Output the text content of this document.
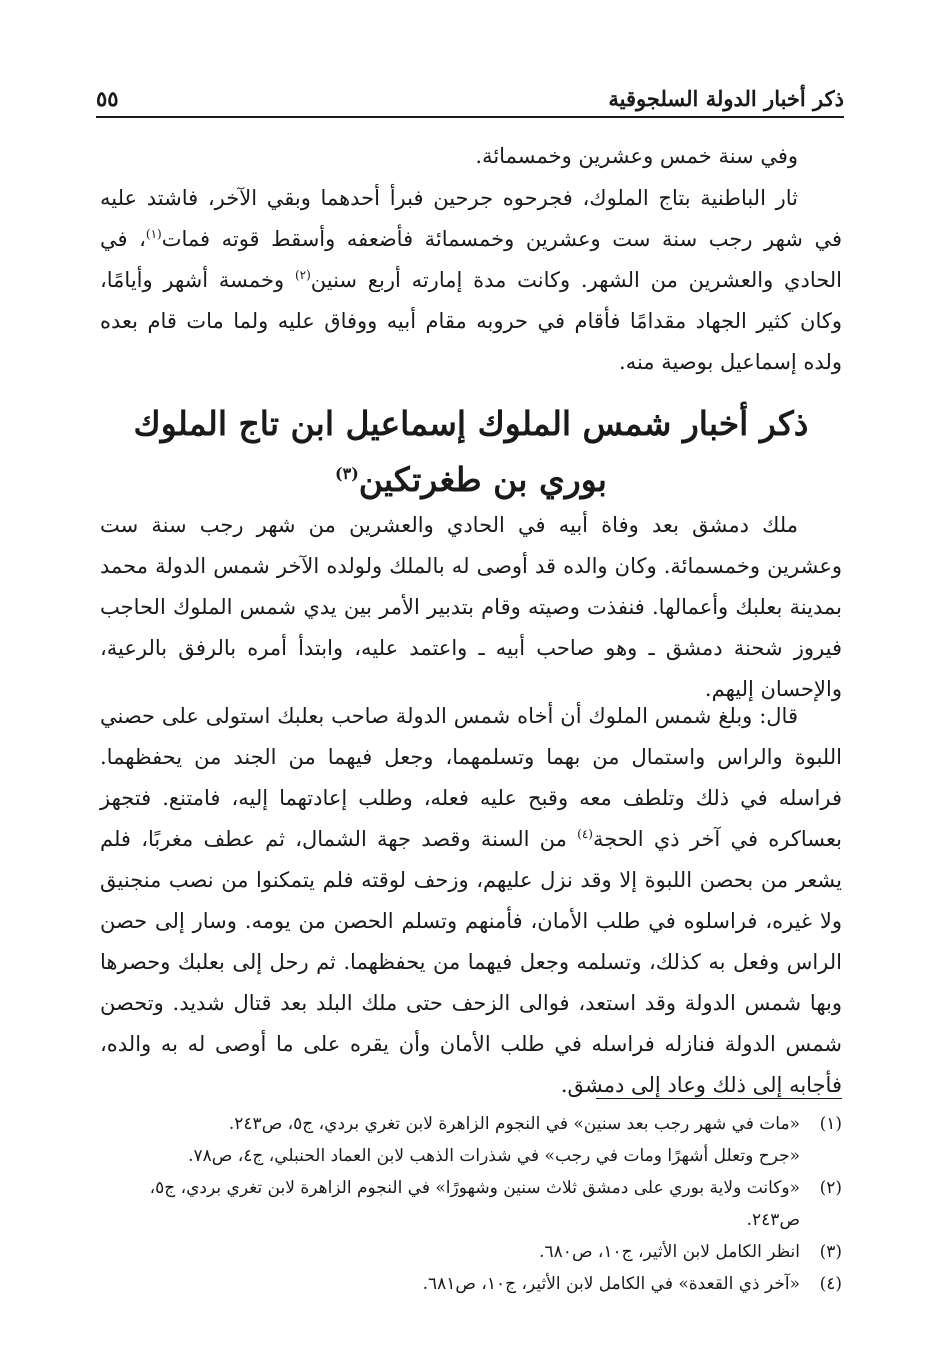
ذكر أخبار الدولة السلجوقية
٥٥
وفي سنة خمس وعشرين وخمسمائة.
ثار الباطنية بتاج الملوك، فجرحوه جرحين فبرأ أحدهما وبقي الآخر، فاشتد عليه في شهر رجب سنة ست وعشرين وخمسمائة فأضعفه وأسقط قوته فمات$^{(١)}$، في الحادي والعشرين من الشهر. وكانت مدة إمارته أربع سنين$^{(٢)}$ وخمسة أشهر وأيامًا، وكان كثير الجهاد مقدامًا فأقام في حروبه مقام أبيه ووفاق عليه ولما مات قام بعده ولده إسماعيل بوصية منه.
ذكر أخبار شمس الملوك إسماعيل ابن تاج الملوك
بوري بن طغرتكين$^{(٣)}$
ملك دمشق بعد وفاة أبيه في الحادي والعشرين من شهر رجب سنة ست وعشرين وخمسمائة. وكان والده قد أوصى له بالملك ولولده الآخر شمس الدولة محمد بمدينة بعلبك وأعمالها. فنفذت وصيته وقام بتدبير الأمر بين يدي شمس الملوك الحاجب فيروز شحنة دمشق ـ وهو صاحب أبيه ـ واعتمد عليه، وابتدأ أمره بالرفق بالرعية، والإحسان إليهم.
قال: وبلغ شمس الملوك أن أخاه شمس الدولة صاحب بعلبك استولى على حصني اللبوة والراس واستمال من بهما وتسلمهما، وجعل فيهما من الجند من يحفظهما. فراسله في ذلك وتلطف معه وقبح عليه فعله، وطلب إعادتهما إليه، فامتنع. فتجهز بعساكره في آخر ذي الحجة$^{(٤)}$ من السنة وقصد جهة الشمال، ثم عطف مغربًا، فلم يشعر من بحصن اللبوة إلا وقد نزل عليهم، وزحف لوقته فلم يتمكنوا من نصب منجنيق ولا غيره، فراسلوه في طلب الأمان، فأمنهم وتسلم الحصن من يومه. وسار إلى حصن الراس وفعل به كذلك، وتسلمه وجعل فيهما من يحفظهما. ثم رحل إلى بعلبك وحصرها وبها شمس الدولة وقد استعد، فوالى الزحف حتى ملك البلد بعد قتال شديد. وتحصن شمس الدولة فنازله فراسله في طلب الأمان وأن يقره على ما أوصى له به والده، فأجابه إلى ذلك وعاد إلى دمشق.
(١)
«مات في شهر رجب بعد سنين» في النجوم الزاهرة لابن تغري بردي، ج٥، ص٢٤٣.
«جرح وتعلل أشهرًا ومات في رجب» في شذرات الذهب لابن العماد الحنبلي، ج٤، ص٧٨.
(٢)
«وكانت ولاية بوري على دمشق ثلاث سنين وشهورًا» في النجوم الزاهرة لابن تغري بردي، ج٥، ص٢٤٣.
(٣)
انظر الكامل لابن الأثير، ج١٠، ص٦٨٠.
(٤)
«آخر ذي القعدة» في الكامل لابن الأثير، ج١٠، ص٦٨١.
